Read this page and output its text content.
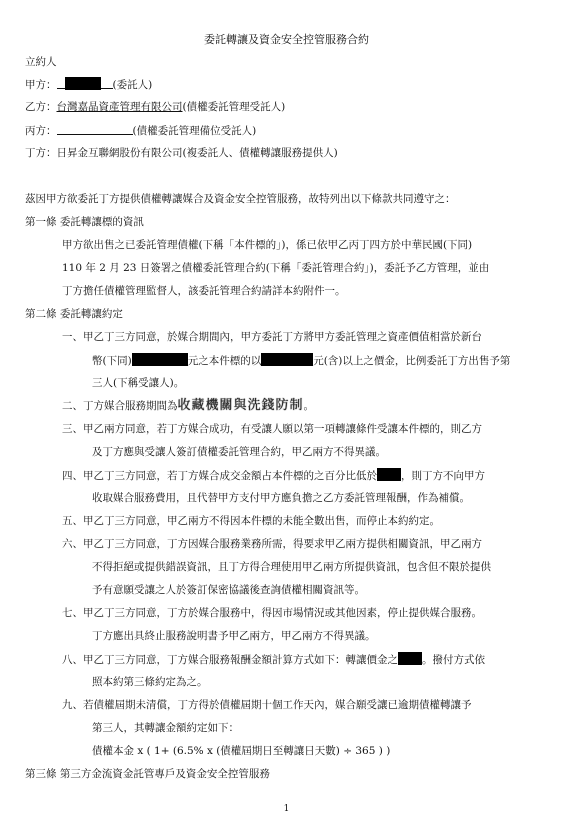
委託轉讓及資金安全控管服務合約
立約人
甲方：	(委託人)
乙方：台灣嘉晶資產管理有限公司(債權委託管理受託人)
丙方：	(債權委託管理備位受託人)
丁方：日昇金互聯網股份有限公司(複委託人、債權轉讓服務提供人)
茲因甲方欲委託丁方提供債權轉讓媒合及資金安全控管服務，故特列出以下條款共同遵守之：
第一條 委託轉讓標的資訊
甲方欲出售之已委託管理債權(下稱「本件標的」)，係已依甲乙丙丁四方於中華民國(下同)
110 年 2 月 23 日簽署之債權委託管理合約(下稱「委託管理合約」)，委託予乙方管理，並由
丁方擔任債權管理監督人，該委託管理合約請詳本約附件一。
第二條 委託轉讓約定
一、甲乙丁三方同意，於媒合期間內，甲方委託丁方將甲方委託管理之資產價值相當於新台
幣(下同)	元之本件標的以	元(含)以上之價金，比例委託丁方出售予第
三人(下稱受讓人)。
二、丁方媒合服務期間為收藏機關與洗錢防制。
三、甲乙兩方同意，若丁方媒合成功，有受讓人願以第一項轉讓條件受讓本件標的，則乙方
及丁方應與受讓人簽訂債權委託管理合約，甲乙兩方不得異議。
四、甲乙丁三方同意，若丁方媒合成交金額占本件標的之百分比低於 ，則丁方不向甲方
收取媒合服務費用，且代替甲方支付甲方應負擔之乙方委託管理報酬，作為補償。
五、甲乙丁三方同意，甲乙兩方不得因本件標的未能全數出售，而停止本約約定。
六、甲乙丁三方同意，丁方因媒合服務業務所需，得要求甲乙兩方提供相關資訊，甲乙兩方
不得拒絕或提供錯誤資訊，且丁方得合理使用甲乙兩方所提供資訊，包含但不限於提供
予有意願受讓之人於簽訂保密協議後查詢債權相關資訊等。
七、甲乙丁三方同意，丁方於媒合服務中，得因市場情況或其他因素，停止提供媒合服務。
丁方應出具終止服務說明書予甲乙兩方，甲乙兩方不得異議。
八、甲乙丁三方同意，丁方媒合服務報酬金額計算方式如下：轉讓價金之 。撥付方式依
照本約第三條約定為之。
九、若債權屆期未清償，丁方得於債權屆期十個工作天內，媒合願受讓已逾期債權轉讓予
第三人，其轉讓金額約定如下：
債權本金 x ( 1+ (6.5% x (債權屆期日至轉讓日天數) ÷ 365 ) )
第三條 第三方金流資金託管專戶及資金安全控管服務
1
